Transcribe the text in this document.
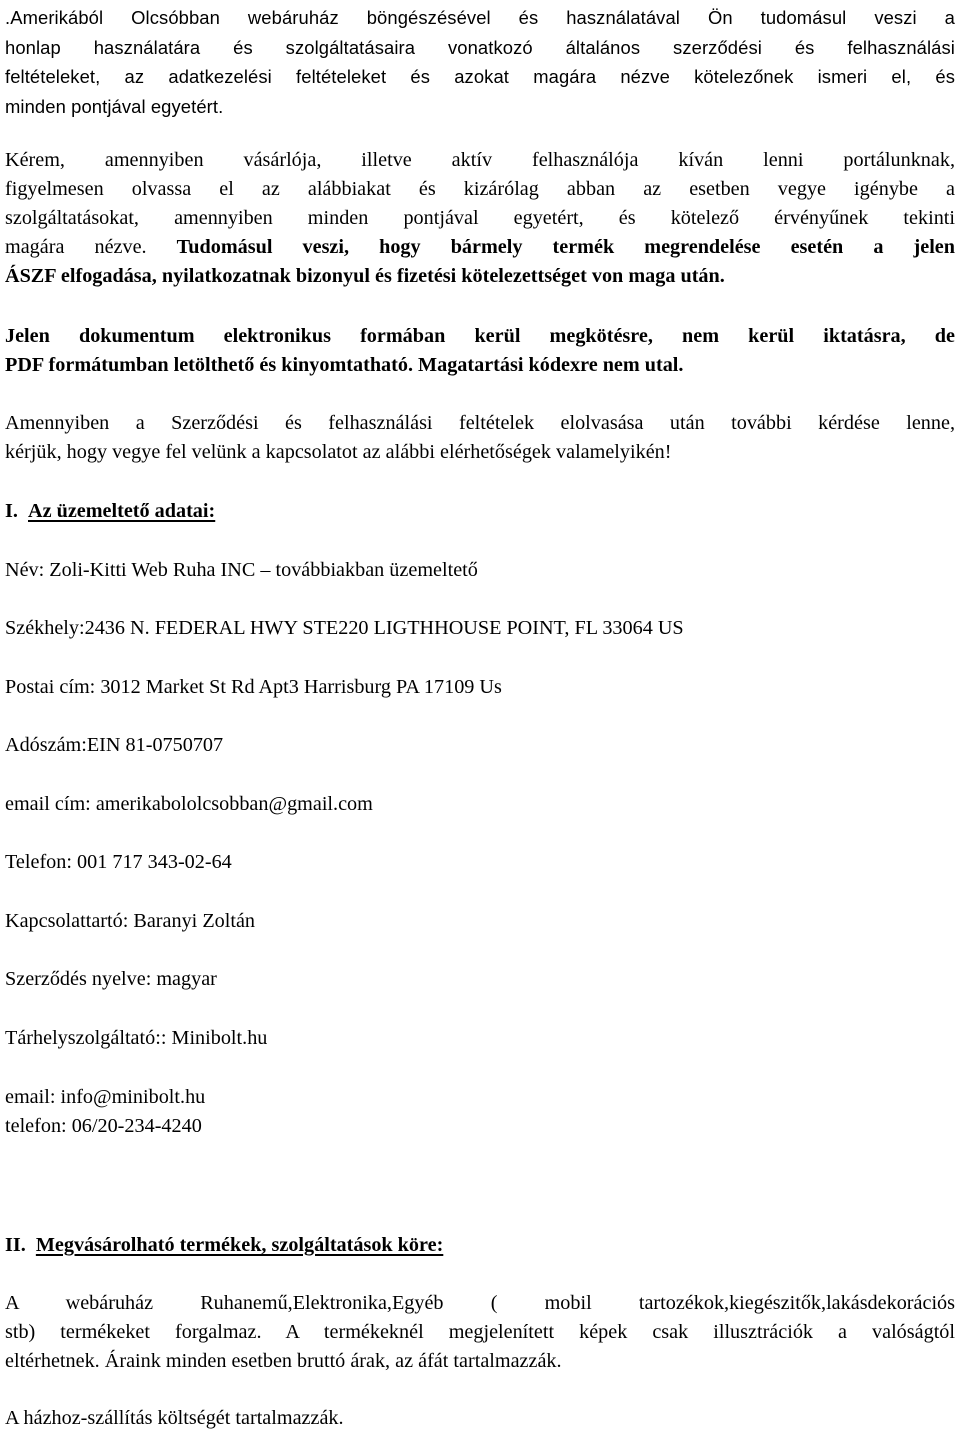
.Amerikából Olcsóbban webáruház böngészésével és használatával Ön tudomásul veszi a
honlap használatára és szolgáltatásaira vonatkozó általános szerződési és felhasználási
feltételeket, az adatkezelési feltételeket és azokat magára nézve kötelezőnek ismeri el, és
minden pontjával egyetért.
Kérem, amennyiben vásárlója, illetve aktív felhasználója kíván lenni portálunknak,
figyelmesen olvassa el az alábbiakat és kizárólag abban az esetben vegye igénybe a
szolgáltatásokat, amennyiben minden pontjával egyetért, és kötelező érvényűnek tekinti
magára nézve. Tudomásul veszi, hogy bármely termék megrendelése esetén a jelen
ÁSZF elfogadása, nyilatkozatnak bizonyul és fizetési kötelezettséget von maga után.
Jelen dokumentum elektronikus formában kerül megkötésre, nem kerül iktatásra, de
PDF formátumban letölthető és kinyomtatható. Magatartási kódexre nem utal.
Amennyiben a Szerződési és felhasználási feltételek elolvasása után további kérdése lenne,
kérjük, hogy vegye fel velünk a kapcsolatot az alábbi elérhetőségek valamelyikén!
I. Az üzemeltető adatai:
Név: Zoli-Kitti Web Ruha INC – továbbiakban üzemeltető
Székhely:2436 N. FEDERAL HWY STE220 LIGTHHOUSE POINT, FL 33064 US
Postai cím: 3012 Market St Rd Apt3 Harrisburg PA 17109 Us
Adószám:EIN 81-0750707
email cím: amerikabololcsobban@gmail.com
Telefon: 001 717 343-02-64
Kapcsolattartó: Baranyi Zoltán
Szerződés nyelve: magyar
Tárhelyszolgáltató:: Minibolt.hu
email: info@minibolt.hu
telefon: 06/20-234-4240
II. Megvásárolható termékek, szolgáltatások köre:
A webáruház Ruhanemű,Elektronika,Egyéb ( mobil tartozékok,kiegészitők,lakásdekorációs
stb) termékeket forgalmaz. A termékeknél megjelenített képek csak illusztrációk a valóságtól
eltérhetnek. Áraink minden esetben bruttó árak, az áfát tartalmazzák.
A házhoz-szállítás költségét tartalmazzák.
